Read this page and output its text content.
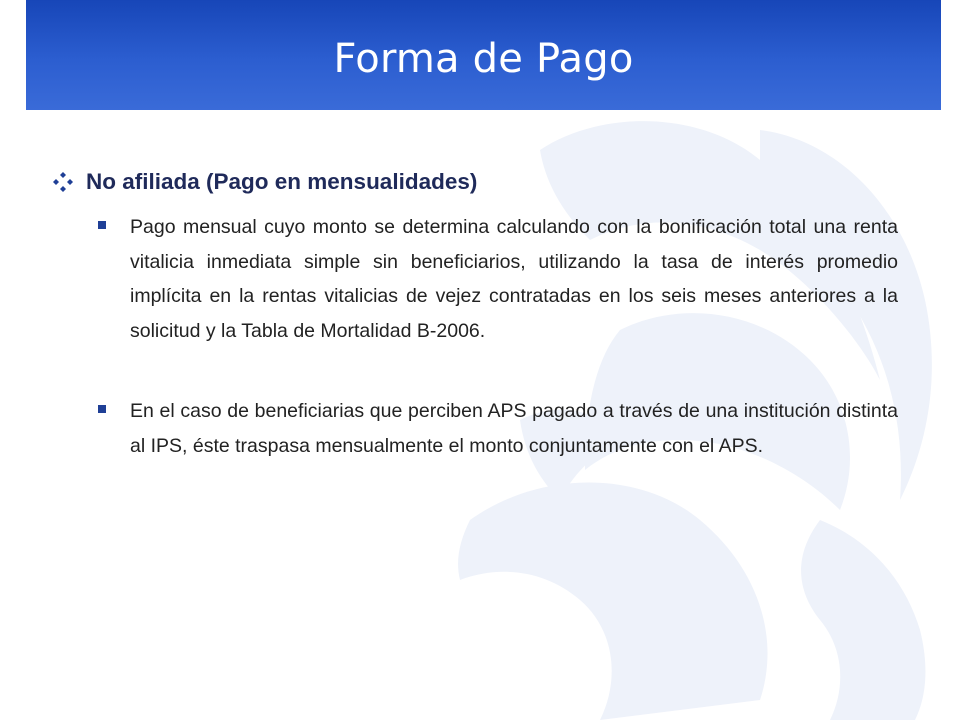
Forma de Pago
No afiliada (Pago en mensualidades)
Pago mensual cuyo monto se determina calculando con la bonificación total una renta vitalicia inmediata simple sin beneficiarios, utilizando la tasa de interés promedio implícita en la rentas vitalicias de vejez contratadas en los seis meses anteriores a la solicitud y la Tabla de Mortalidad B-2006.
En el caso de beneficiarias que perciben APS pagado a través de una institución distinta al IPS, éste traspasa mensualmente el monto conjuntamente con el APS.
